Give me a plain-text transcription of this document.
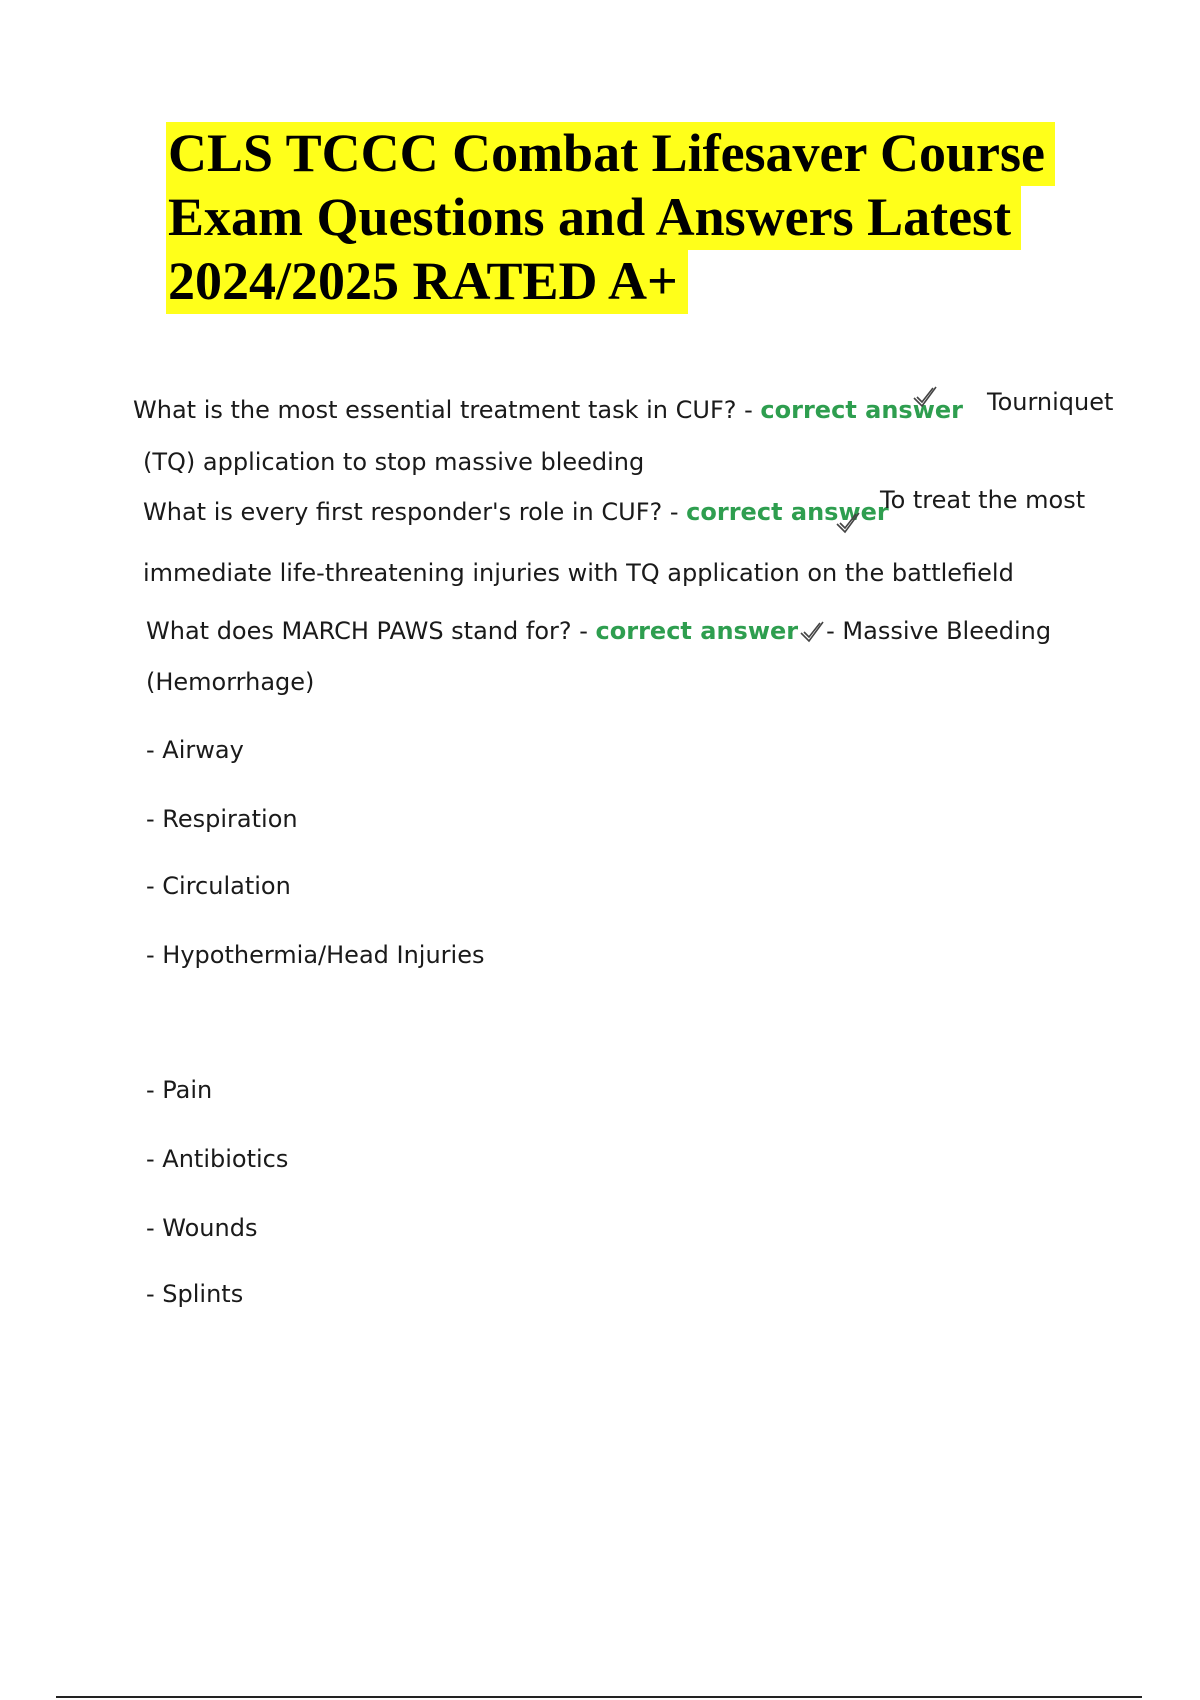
CLS TCCC Combat Lifesaver Course
Exam Questions and Answers Latest
2024/2025 RATED A+
What is the most essential treatment task in CUF? - correct answer Tourniquet
(TQ) application to stop massive bleeding
What is every first responder's role in CUF? - correct answer
To treat the most
immediate life-threatening injuries with TQ application on the battlefield
What does MARCH PAWS stand for? - correct answer - Massive Bleeding
(Hemorrhage)
- Airway
- Respiration
- Circulation
- Hypothermia/Head Injuries
- Pain
- Antibiotics
- Wounds
- Splints
